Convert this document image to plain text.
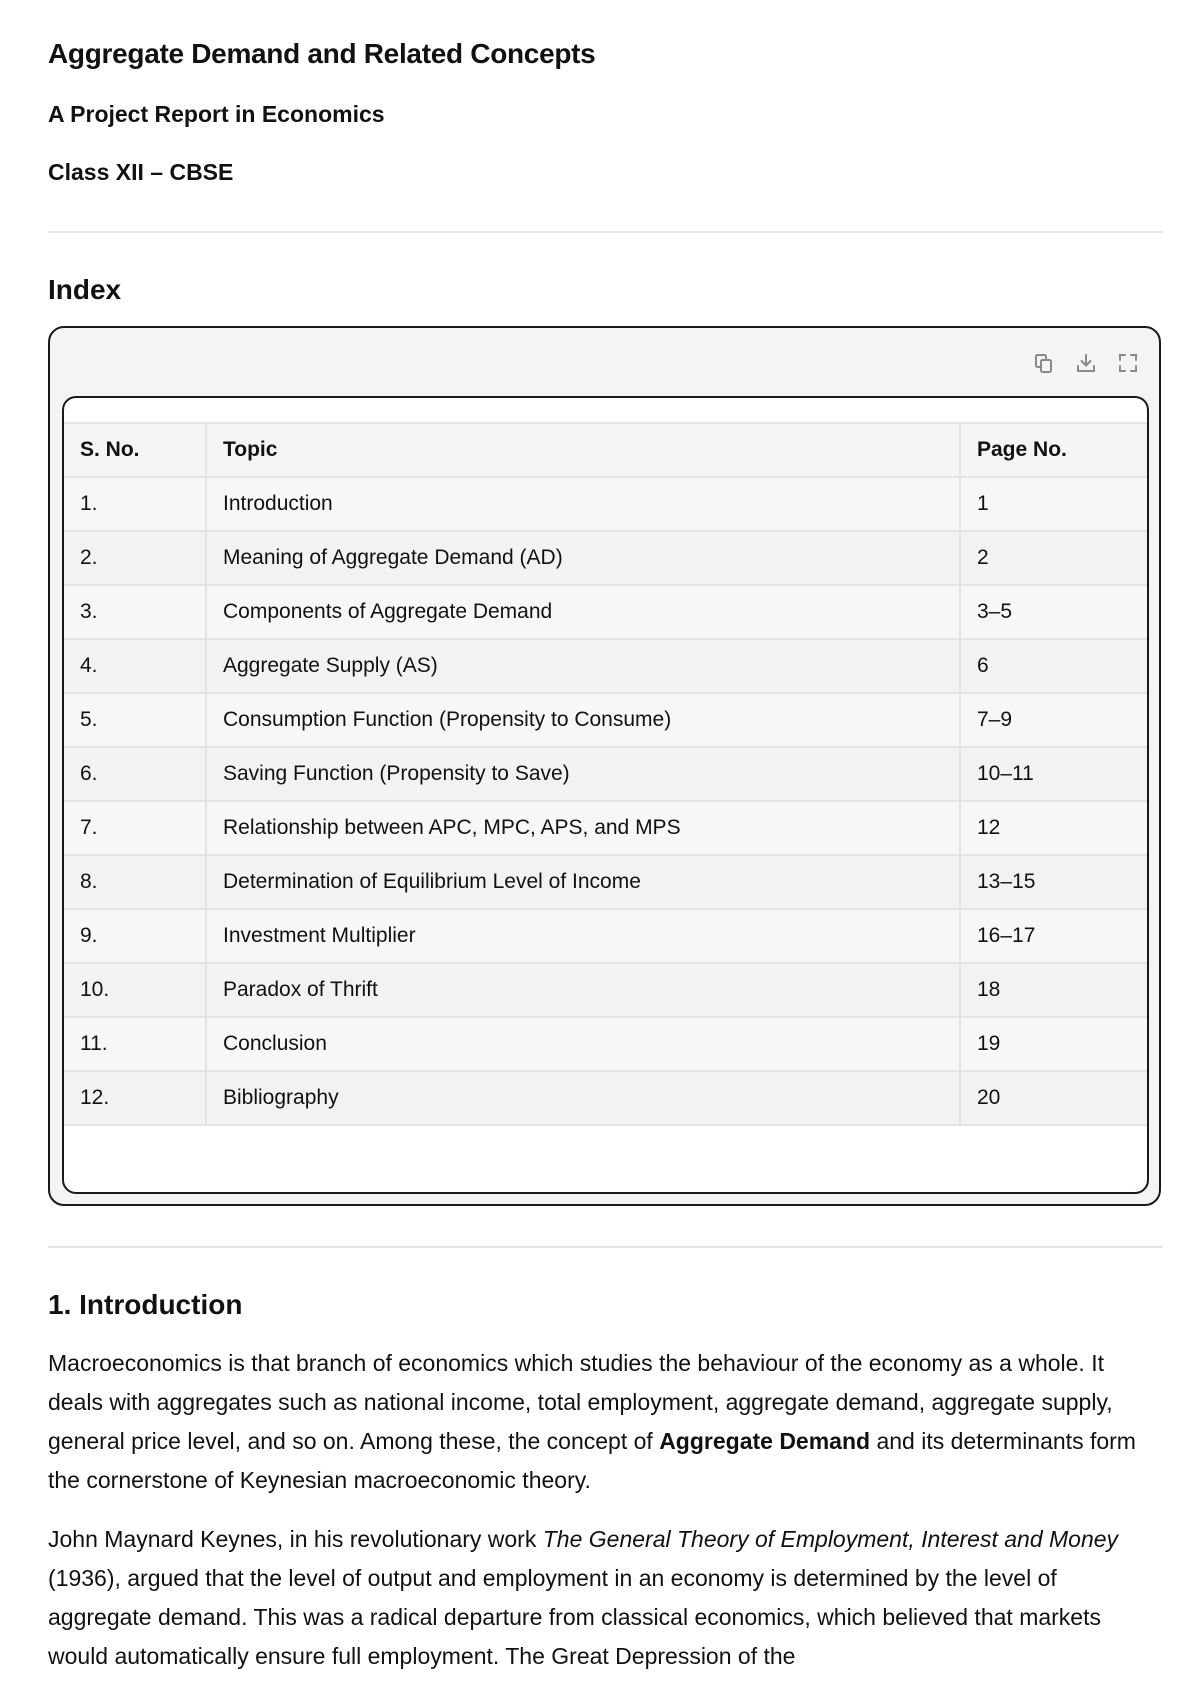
Aggregate Demand and Related Concepts

A Project Report in Economics

Class XII – CBSE

Index
S. No.	Topic	Page No.
1.	Introduction	1
2.	Meaning of Aggregate Demand (AD)	2
3.	Components of Aggregate Demand	3–5
4.	Aggregate Supply (AS)	6
5.	Consumption Function (Propensity to Consume)	7–9
6.	Saving Function (Propensity to Save)	10–11
7.	Relationship between APC, MPC, APS, and MPS	12
8.	Determination of Equilibrium Level of Income	13–15
9.	Investment Multiplier	16–17
10.	Paradox of Thrift	18
11.	Conclusion	19
12.	Bibliography	20
1. Introduction

Macroeconomics is that branch of economics which studies the behaviour of the economy as a whole. It deals with aggregates such as national income, total employment, aggregate demand, aggregate supply, general price level, and so on. Among these, the concept of Aggregate Demand and its determinants form the cornerstone of Keynesian macroeconomic theory.

John Maynard Keynes, in his revolutionary work The General Theory of Employment, Interest and Money (1936), argued that the level of output and employment in an economy is determined by the level of aggregate demand. This was a radical departure from classical economics, which believed that markets would automatically ensure full employment. The Great Depression of the
